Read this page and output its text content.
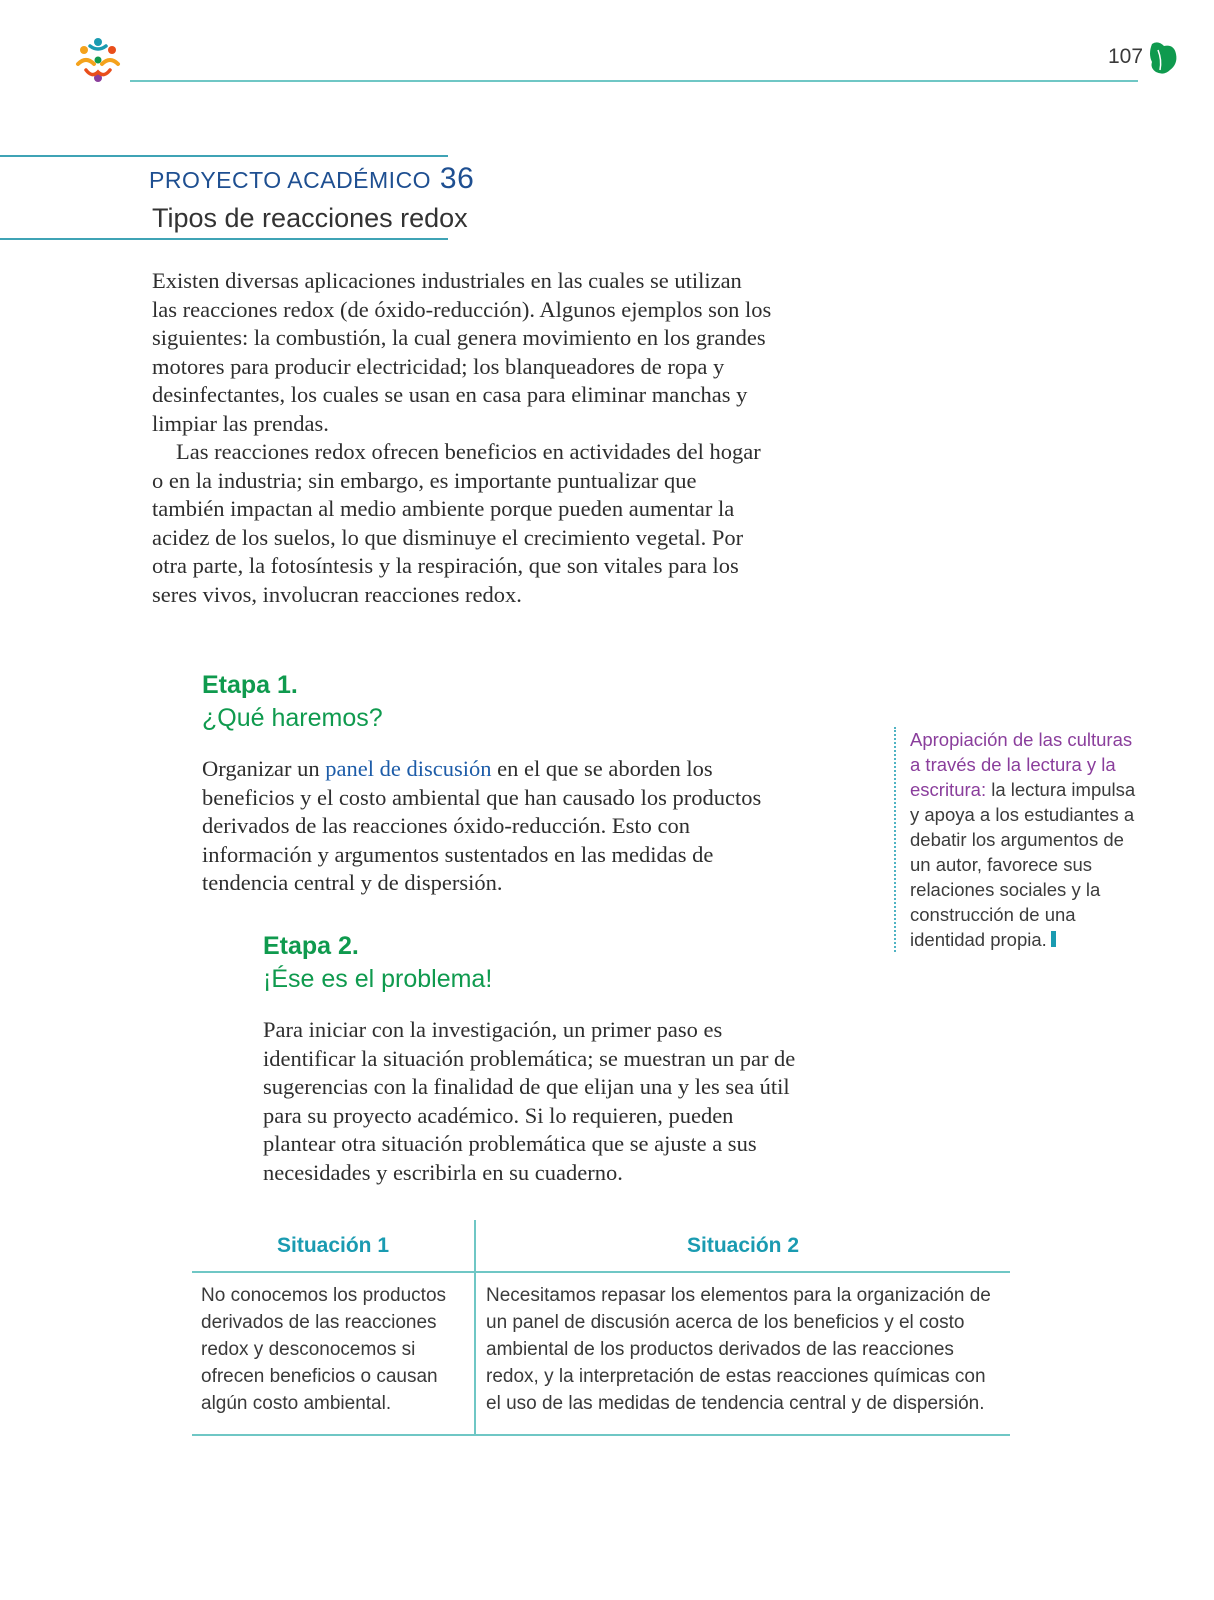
107
PROYECTO ACADÉMICO 36
Tipos de reacciones redox

Existen diversas aplicaciones industriales en las cuales se utilizan las reacciones redox (de óxido-reducción). Algunos ejemplos son los siguientes: la combustión, la cual genera movimiento en los grandes motores para producir electricidad; los blanqueadores de ropa y desinfectantes, los cuales se usan en casa para eliminar manchas y limpiar las prendas.

Las reacciones redox ofrecen beneficios en actividades del hogar o en la industria; sin embargo, es importante puntualizar que también impactan al medio ambiente porque pueden aumentar la acidez de los suelos, lo que disminuye el crecimiento vegetal. Por otra parte, la fotosíntesis y la respiración, que son vitales para los seres vivos, involucran reacciones redox.

Etapa 1.
¿Qué haremos?

Organizar un panel de discusión en el que se aborden los beneficios y el costo ambiental que han causado los productos derivados de las reacciones óxido-reducción. Esto con información y argumentos sustentados en las medidas de tendencia central y de dispersión.

Etapa 2.
¡Ése es el problema!

Para iniciar con la investigación, un primer paso es identificar la situación problemática; se muestran un par de sugerencias con la finalidad de que elijan una y les sea útil para su proyecto académico. Si lo requieren, pueden plantear otra situación problemática que se ajuste a sus necesidades y escribirla en su cuaderno.

Apropiación de las culturas a través de la lectura y la escritura: la lectura impulsa y apoya a los estudiantes a debatir los argumentos de un autor, favorece sus relaciones sociales y la construcción de una identidad propia.
Situación 1	Situación 2
No conocemos los productos derivados de las reacciones redox y desconocemos si ofrecen beneficios o causan algún costo ambiental.
Necesitamos repasar los elementos para la organización de un panel de discusión acerca de los beneficios y el costo ambiental de los productos derivados de las reacciones redox, y la interpretación de estas reacciones químicas con el uso de las medidas de tendencia central y de dispersión.
